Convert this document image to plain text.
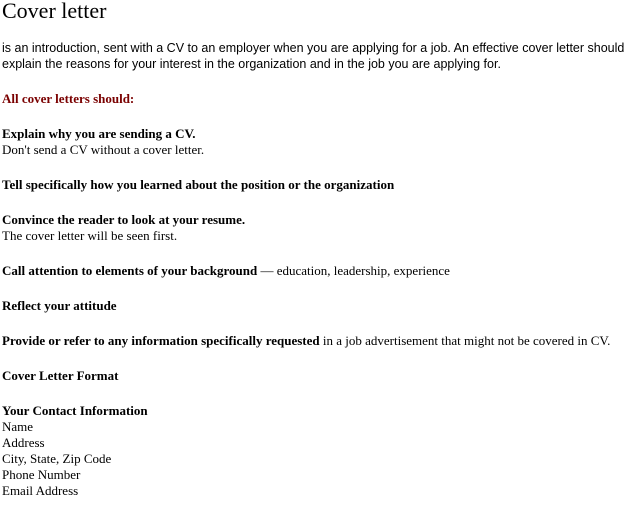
Cover letter

is an introduction, sent with a CV to an employer when you are applying for a job. An effective cover letter should explain the reasons for your interest in the organization and in the job you are applying for.

All cover letters should:
Explain why you are sending a CV.
Don't send a CV without a cover letter.
Tell specifically how you learned about the position or the organization
Convince the reader to look at your resume.
The cover letter will be seen first.
Call attention to elements of your background — education, leadership, experience
Reflect your attitude
Provide or refer to any information specifically requested in a job advertisement that might not be covered in CV.
Cover Letter Format
Your Contact Information
Name
Address
City, State, Zip Code
Phone Number
Email Address
